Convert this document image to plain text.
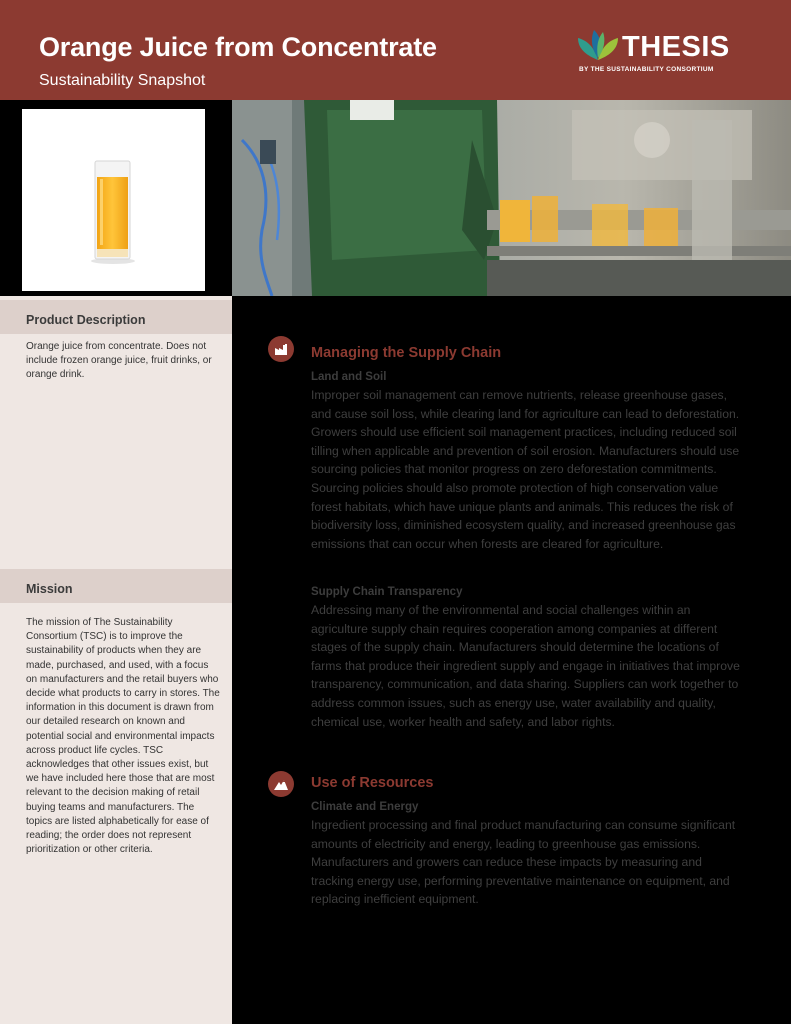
Orange Juice from Concentrate
Sustainability Snapshot
THESIS
BY THE SUSTAINABILITY CONSORTIUM
Product Description
Orange juice from concentrate. Does not include frozen orange juice, fruit drinks, or orange drink.
Mission
The mission of The Sustainability Consortium (TSC) is to improve the sustainability of products when they are made, purchased, and used, with a focus on manufacturers and the retail buyers who decide what products to carry in stores. The information in this document is drawn from our detailed research on known and potential social and environmental impacts across product life cycles. TSC acknowledges that other issues exist, but we have included here those that are most relevant to the decision making of retail buying teams and manufacturers. The topics are listed alphabetically for ease of reading; the order does not represent prioritization or other criteria.
Managing the Supply Chain
Land and Soil
Improper soil management can remove nutrients, release greenhouse gases, and cause soil loss, while clearing land for agriculture can lead to deforestation. Growers should use efficient soil management practices, including reduced soil tilling when applicable and prevention of soil erosion. Manufacturers should use sourcing policies that monitor progress on zero deforestation commitments. Sourcing policies should also promote protection of high conservation value forest habitats, which have unique plants and animals. This reduces the risk of biodiversity loss, diminished ecosystem quality, and increased greenhouse gas emissions that can occur when forests are cleared for agriculture.
Supply Chain Transparency
Addressing many of the environmental and social challenges within an agriculture supply chain requires cooperation among companies at different stages of the supply chain. Manufacturers should determine the locations of farms that produce their ingredient supply and engage in initiatives that improve transparency, communication, and data sharing. Suppliers can work together to address common issues, such as energy use, water availability and quality, chemical use, worker health and safety, and labor rights.
Use of Resources
Climate and Energy
Ingredient processing and final product manufacturing can consume significant amounts of electricity and energy, leading to greenhouse gas emissions. Manufacturers and growers can reduce these impacts by measuring and tracking energy use, performing preventative maintenance on equipment, and replacing inefficient equipment.
